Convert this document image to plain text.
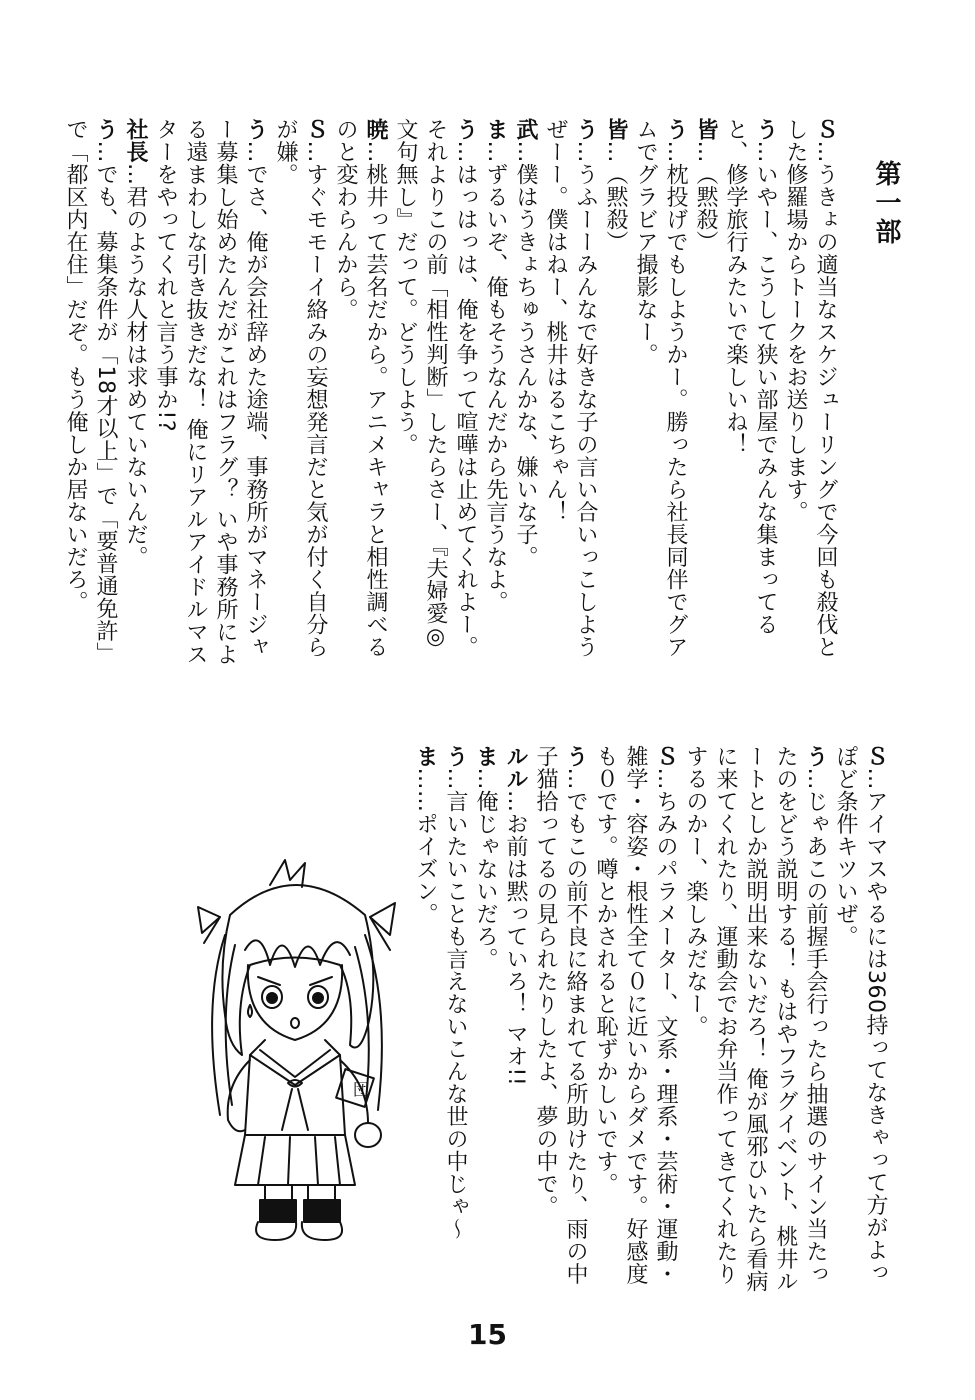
第一部
Ｓ…うきょの適当なスケジューリングで今回も殺伐とした修羅場からトークをお送りします。
う…いやー、こうして狭い部屋でみんな集まってると、修学旅行みたいで楽しいね！
皆…（黙殺）
う…枕投げでもしようかー。勝ったら社長同伴でグアムでグラビア撮影なー。
皆…（黙殺）
う…うふーーみんなで好きな子の言い合いっこしようぜーー。僕はねー、桃井はるこちゃん！
武…僕はうきょちゅうさんかな、嫌いな子。
ま…ずるいぞ、俺もそうなんだから先言うなよ。
う…はっはっは、俺を争って喧嘩は止めてくれよー。それよりこの前「相性判断」したらさー、『夫婦愛◎ 文句無し』だって。どうしよう。
暁…桃井って芸名だから。アニメキャラと相性調べるのと変わらんから。
Ｓ…すぐモモーイ絡みの妄想発言だと気が付く自分らが嫌。
う…でさ、俺が会社辞めた途端、事務所がマネージャー募集し始めたんだがこれはフラグ？ いや事務所による遠まわしな引き抜きだな！ 俺にリアルアイドルマスターをやってくれと言う事か!?
社長…君のような人材は求めていないんだ。
う…でも、募集条件が「18才以上」で「要普通免許」で「都区内在住」だぞ。もう俺しか居ないだろ。
Ｓ…アイマスやるには360持ってなきゃって方がよっぽど条件キツいぜ。
う…じゃあこの前握手会行ったら抽選のサイン当たったのをどう説明する！ もはやフラグイベント、桃井ルートとしか説明出来ないだろ！ 俺が風邪ひいたら看病に来てくれたり、運動会でお弁当作ってきてくれたりするのかー、楽しみだなー。
Ｓ…ちみのパラメーター、文系・理系・芸術・運動・雑学・容姿・根性全て０に近いからダメです。好感度も０です。噂とかされると恥ずかしいです。
う…でもこの前不良に絡まれてる所助けたり、雨の中子猫拾ってるの見られたりしたよ、夢の中で。
ルル…お前は黙っていろ！ マオ!!
ま…俺じゃないだろ。
う…言いたいことも言えないこんな世の中じゃ〜
ま……ポイズン。
団
15
